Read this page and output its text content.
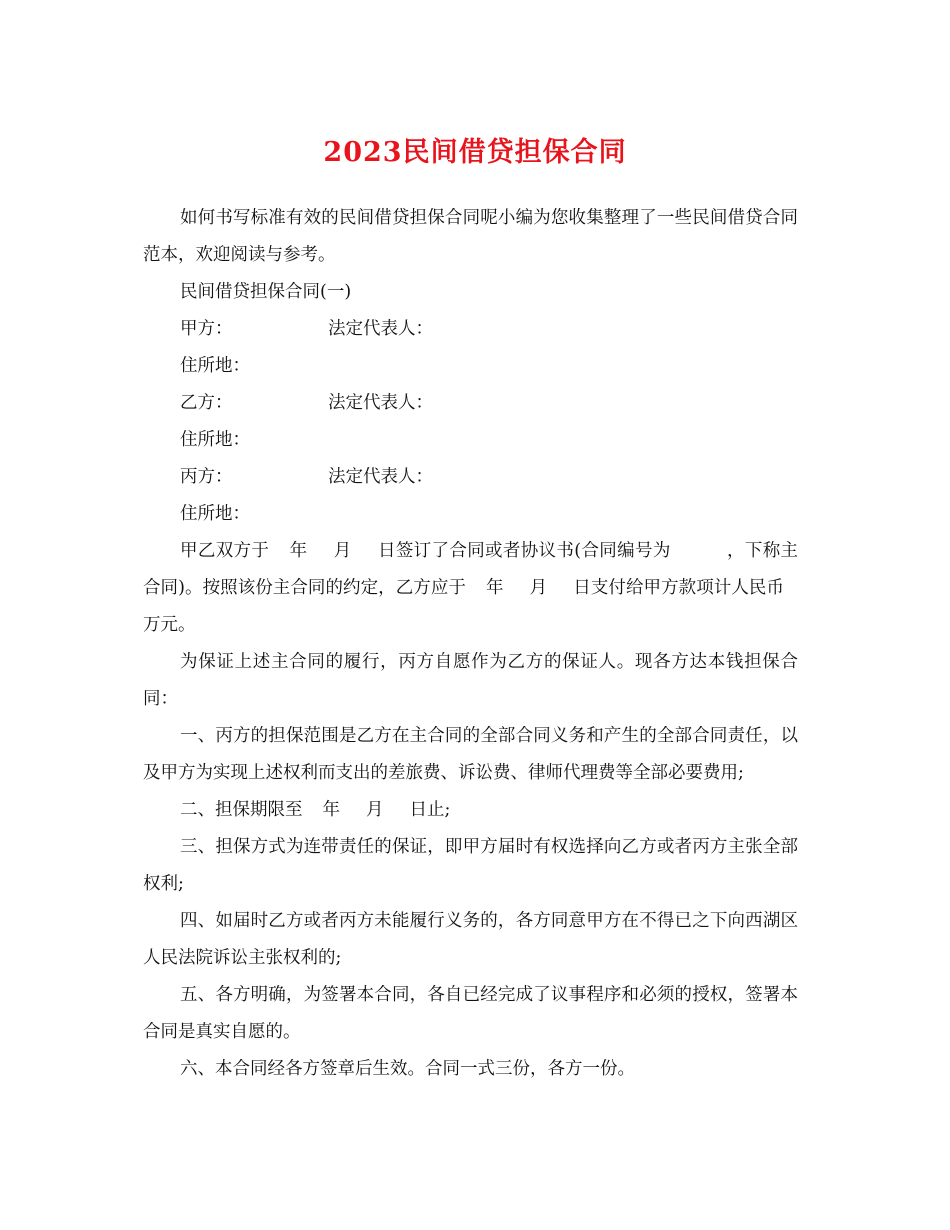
2023民间借贷担保合同

如何书写标准有效的民间借贷担保合同呢小编为您收集整理了一些民间借贷合同范本，欢迎阅读与参考。

民间借贷担保合同(一)

甲方：	法定代表人：

住所地：

乙方：	法定代表人：

住所地：

丙方：	法定代表人：

住所地：

甲乙双方于 年 月 日签订了合同或者协议书(合同编号为	，下称主合同)。按照该份主合同的约定，乙方应于 年 月 日支付给甲方款项计人民币万元。

为保证上述主合同的履行，丙方自愿作为乙方的保证人。现各方达本钱担保合同：

一、丙方的担保范围是乙方在主合同的全部合同义务和产生的全部合同责任，以及甲方为实现上述权利而支出的差旅费、诉讼费、律师代理费等全部必要费用;

二、担保期限至 年 月 日止;

三、担保方式为连带责任的保证，即甲方届时有权选择向乙方或者丙方主张全部权利;

四、如届时乙方或者丙方未能履行义务的，各方同意甲方在不得已之下向西湖区人民法院诉讼主张权利的;

五、各方明确，为签署本合同，各自已经完成了议事程序和必须的授权，签署本合同是真实自愿的。

六、本合同经各方签章后生效。合同一式三份，各方一份。
